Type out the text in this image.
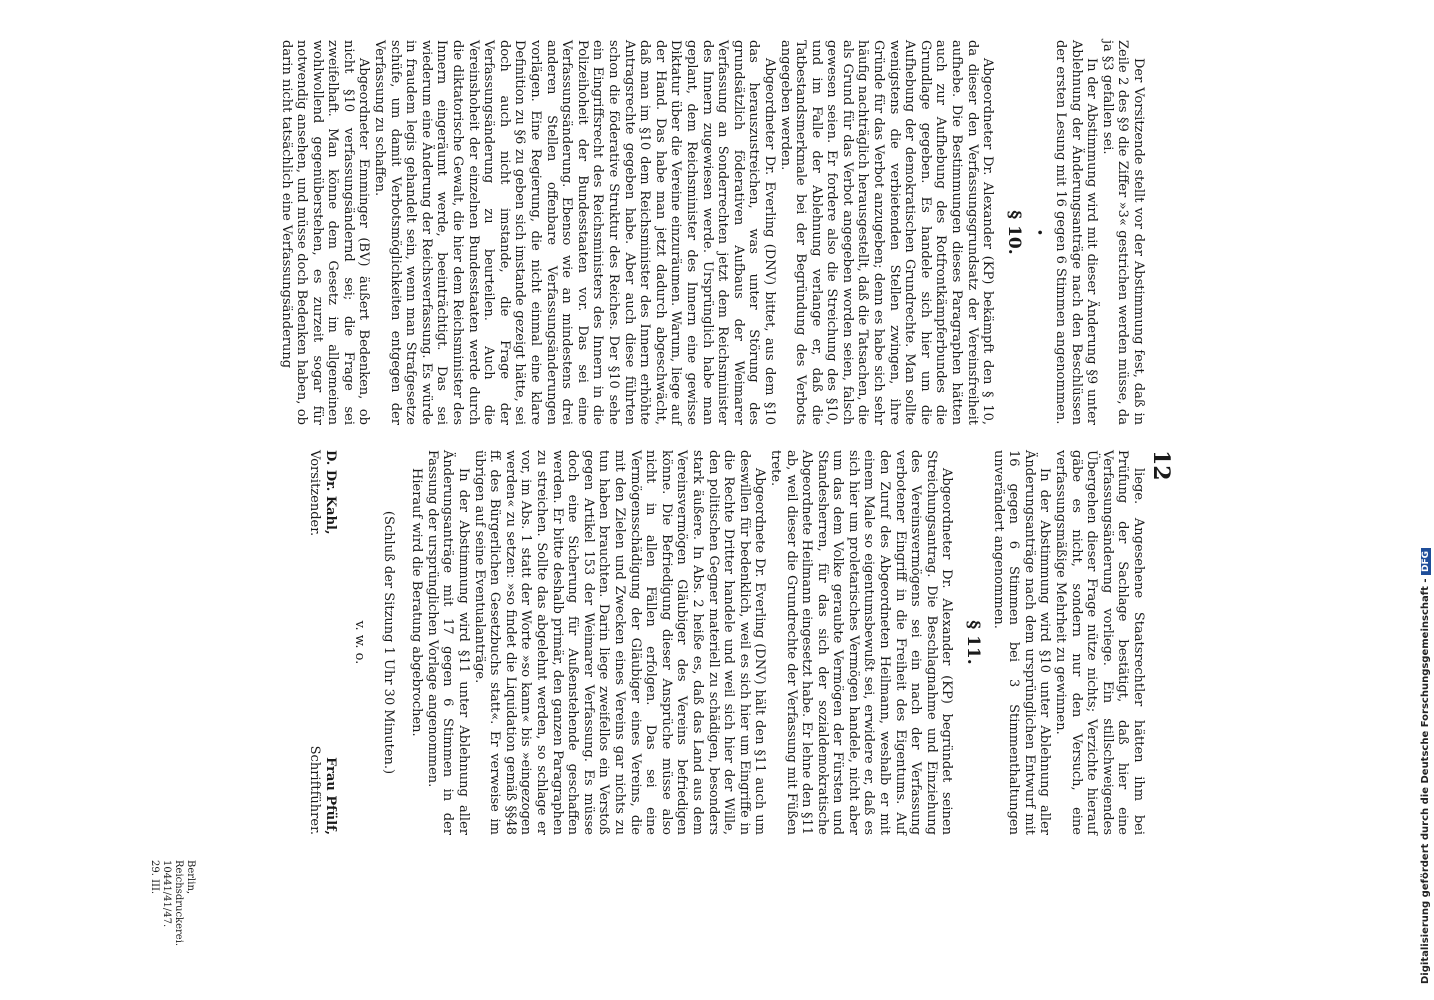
12

Der Vorsitzende stellt vor der Abstimmung fest, daß in Zeile 2 des §9 die Ziffer »3« gestrichen werden müsse, da ja §3 gefallen sei.

In der Abstimmung wird mit dieser Änderung §9 unter Ablehnung der Änderungsanträge nach den Beschlüssen der ersten Lesung mit 16 gegen 6 Stimmen angenommen.

•
§ 10.

Abgeordneter Dr. Alexander (KP) bekämpft den § 10, da dieser den Verfassungsgrundsatz der Vereinsfreiheit aufhebe. Die Bestimmungen dieses Paragraphen hätten auch zur Aufhebung des Rotfrontkämpferbundes die Grundlage gegeben. Es handele sich hier um die Aufhebung der demokratischen Grundrechte. Man sollte wenigstens die verbietenden Stellen zwingen, ihre Gründe für das Verbot anzugeben; denn es habe sich sehr häufig nachträglich herausgestellt, daß die Tatsachen, die als Grund für das Verbot angegeben worden seien, falsch gewesen seien. Er fordere also die Streichung des §10, und im Falle der Ablehnung verlange er, daß die Tatbestandsmerkmale bei der Begründung des Verbots angegeben werden.

Abgeordneter Dr. Everling (DNV) bittet, aus dem §10 das herauszustreichen, was unter Störung des grundsätzlich föderativen Aufbaus der Weimarer Verfassung an Sonderrechten jetzt dem Reichsminister des Innern zugewiesen werde. Ursprünglich habe man geplant, dem Reichsminister des Innern eine gewisse Diktatur über die Vereine einzuräumen. Warum, liege auf der Hand. Das habe man jetzt dadurch abgeschwächt, daß man im §10 dem Reichsminister des Innern erhöhte Antragsrechte gegeben habe. Aber auch diese führten schon die föderative Struktur des Reiches. Der §10 sehe ein Eingriffsrecht des Reichsministers des Innern in die Polizeihoheit der Bundesstaaten vor. Das sei eine Verfassungsänderung. Ebenso wie an mindestens drei anderen Stellen offenbare Verfassungsänderungen vorlägen. Eine Regierung, die nicht einmal eine klare Definition zu §6 zu geben sich imstande gezeigt hätte, sei doch auch nicht imstande, die Frage der Verfassungsänderung zu beurteilen. Auch die Vereinshoheit der einzelnen Bundesstaaten werde durch die diktatorische Gewalt, die hier dem Reichsminister des Innern eingeräumt werde, beeinträchtigt. Das sei wiederum eine Änderung der Reichsverfassung. Es würde in fraudem legis gehandelt sein, wenn man Strafgesetze schüfe, um damit Verbotsmöglichkeiten entgegen der Verfassung zu schaffen.

Abgeordneter Emminger (BV) äußert Bedenken, ob nicht §10 verfassungsändernd sei; die Frage sei zweifelhaft. Man könne dem Gesetz im allgemeinen wohlwollend gegenüberstehen, es zurzeit sogar für notwendig ansehen, und müsse doch Bedenken haben, ob darin nicht tatsächlich eine Verfassungsänderung

liege. Angesehene Staatsrechtler hätten ihm bei Prüfung der Sachlage bestätigt, daß hier eine Verfassungsänderung vorliege. Ein stillschweigendes Übergehen dieser Frage nütze nichts; Verzichte hierauf gäbe es nicht, sondern nur den Versuch, eine verfassungsmäßige Mehrheit zu gewinnen.

In der Abstimmung wird §10 unter Ablehnung aller Änderungsanträge nach dem ursprünglichen Entwurf mit 16 gegen 6 Stimmen bei 3 Stimmenthaltungen unverändert angenommen.

§ 11.

Abgeordneter Dr. Alexander (KP) begründet seinen Streichungsantrag. Die Beschlagnahme und Einziehung des Vereinsvermögens sei ein nach der Verfassung verbotener Eingriff in die Freiheit des Eigentums. Auf den Zuruf des Abgeordneten Heilmann, weshalb er mit einem Male so eigentumsbewußt sei, erwidere er, daß es sich hier um proletarisches Vermögen handele, nicht aber um das dem Volke geraubte Vermögen der Fürsten und Standesherren, für das sich der sozialdemokratische Abgeordnete Heilmann eingesetzt habe. Er lehne den §11 ab, weil dieser die Grundrechte der Verfassung mit Füßen trete.

Abgeordnete Dr. Everling (DNV) hält den §11 auch um deswillen für bedenklich, weil es sich hier um Eingriffe in die Rechte Dritter handele und weil sich hier der Wille, den politischen Gegner materiell zu schädigen, besonders stark äußere. In Abs. 2 heiße es, daß das Land aus dem Vereinsvermögen Gläubiger des Vereins befriedigen könne. Die Befriedigung dieser Ansprüche müsse also nicht in allen Fällen erfolgen. Das sei eine Vermögensschädigung der Gläubiger eines Vereins, die mit den Zielen und Zwecken eines Vereins gar nichts zu tun haben brauchten. Darin liege zweifellos ein Verstoß gegen Artikel 153 der Weimarer Verfassung. Es müsse doch eine Sicherung für Außenstehende geschaffen werden. Er bitte deshalb primär, den ganzen Paragraphen zu streichen. Sollte das abgelehnt werden, so schlage er vor, im Abs. 1 statt der Worte »so kann« bis »eingezogen werden« zu setzen: »so findet die Liquidation gemäß §§48 ff. des Bürgerlichen Gesetzbuchs statt«. Er verweise im übrigen auf seine Eventualanträge.

In der Abstimmung wird §11 unter Ablehnung aller Änderungsanträge mit 17 gegen 6 Stimmen in der Fassung der ursprünglichen Vorlage angenommen.

Hierauf wird die Beratung abgebrochen.

(Schluß der Sitzung 1 Uhr 30 Minuten.)

v. w. o.

D. Dr. Kahl,
Vorsitzender.
Frau Pfülf,
Schriftführer.
Berlin, Reichsdruckerei.
10441/41/47. 29. III.	Digitalisierung gefördert durch die Deutsche Forschungsgemeinschaft - DFG
